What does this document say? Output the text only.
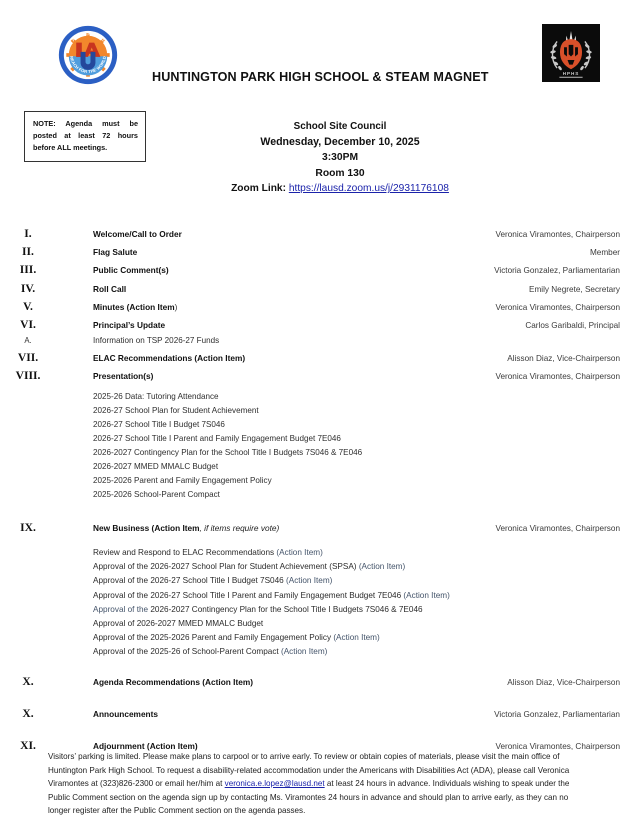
LOS ANGELES UNIFIED
REACH FOR THE WORLD
HPHS
HUNTINGTON PARK HIGH SCHOOL & STEAM MAGNET
NOTE: Agenda must be posted at least 72 hours before ALL meetings.
School Site Council
Wednesday, December 10, 2025
3:30PM
Room 130
Zoom Link: https://lausd.zoom.us/j/2931176108
I.	Welcome/Call to Order	Veronica Viramontes, Chairperson
II.	Flag Salute	Member
III.	Public Comment(s)	Victoria Gonzalez, Parliamentarian
IV.	Roll Call	Emily Negrete, Secretary
V.	Minutes (Action Item)	Veronica Viramontes, Chairperson
VI.	Principal’s Update	Carlos Garibaldi, Principal
A.	Information on TSP 2026-27 Funds
VII.	ELAC Recommendations (Action Item)	Alisson Diaz, Vice-Chairperson
VIII.	Presentation(s)	Veronica Viramontes, Chairperson
2025-26 Data: Tutoring Attendance
2026-27 School Plan for Student Achievement
2026-27 School Title I Budget 7S046
2026-27 School Title I Parent and Family Engagement Budget 7E046
2026-2027 Contingency Plan for the School Title I Budgets 7S046 & 7E046
2026-2027 MMED MMALC Budget
2025-2026 Parent and Family Engagement Policy
2025-2026 School-Parent Compact
IX.	New Business (Action Item, if items require vote)	Veronica Viramontes, Chairperson
Review and Respond to ELAC Recommendations (Action Item)
Approval of the 2026-2027 School Plan for Student Achievement (SPSA) (Action Item)
Approval of the 2026-27 School Title I Budget 7S046 (Action Item)
Approval of the 2026-27 School Title I Parent and Family Engagement Budget 7E046 (Action Item)
Approval of the 2026-2027 Contingency Plan for the School Title I Budgets 7S046 & 7E046
Approval of 2026-2027 MMED MMALC Budget
Approval of the 2025-2026 Parent and Family Engagement Policy (Action Item)
Approval of the 2025-26 of School-Parent Compact (Action Item)
X.	Agenda Recommendations (Action Item)	Alisson Diaz, Vice-Chairperson
X.	Announcements	Victoria Gonzalez, Parliamentarian
XI.	Adjournment (Action Item)	Veronica Viramontes, Chairperson
Visitors’ parking is limited. Please make plans to carpool or to arrive early. To review or obtain copies of materials, please visit the main office of Huntington Park High School. To request a disability-related accommodation under the Americans with Disabilities Act (ADA), please call Veronica Viramontes at (323)826-2300 or email her/him at veronica.e.lopez@lausd.net at least 24 hours in advance. Individuals wishing to speak under the Public Comment section on the agenda sign up by contacting Ms. Viramontes 24 hours in advance and should plan to arrive early, as they can no longer register after the Public Comment section on the agenda passes.
